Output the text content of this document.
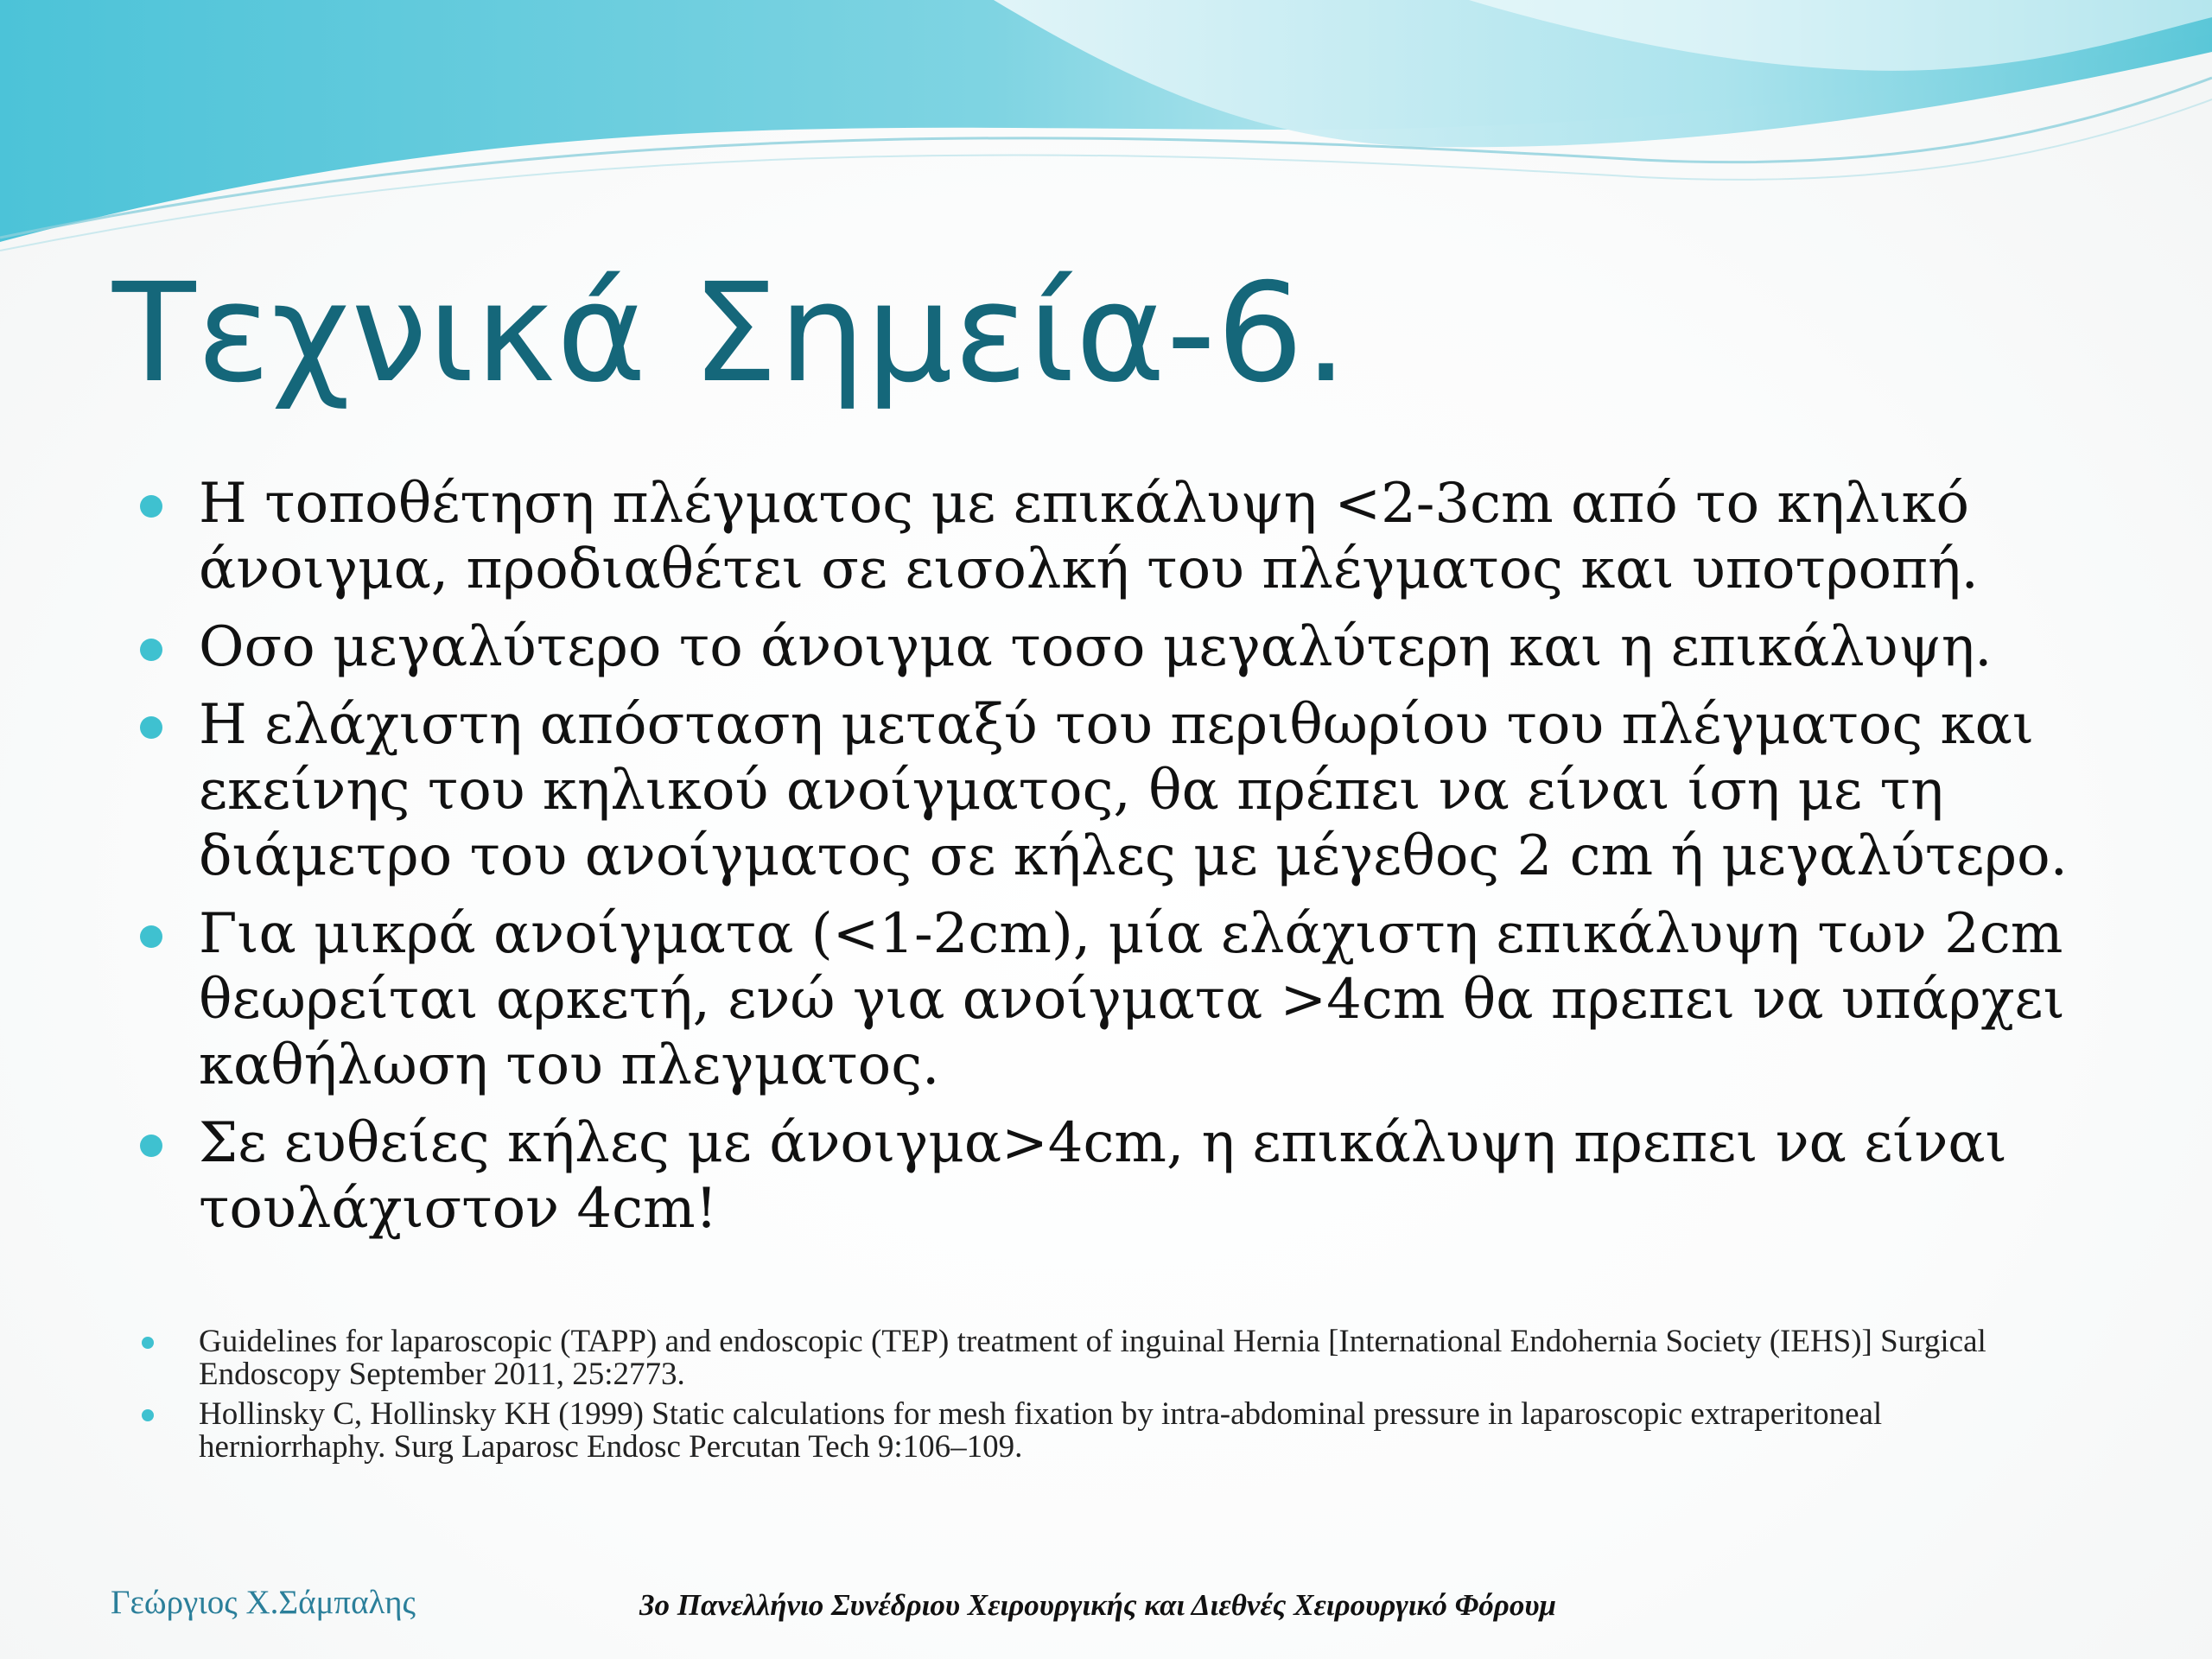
Τεχνικά Σημεία-6.
Η τοποθέτηση πλέγματος με επικάλυψη <2-3cm από το κηλικό άνοιγμα, προδιαθέτει σε εισολκή του πλέγματος και υποτροπή.
Οσο μεγαλύτερο το άνοιγμα τοσο μεγαλύτερη και η επικάλυψη.
Η ελάχιστη απόσταση μεταξύ του περιθωρίου του πλέγματος και εκείνης του κηλικού ανοίγματος, θα πρέπει να είναι ίση με τη διάμετρο του ανοίγματος σε κήλες με μέγεθος 2 cm ή μεγαλύτερο.
Για μικρά ανοίγματα (<1-2cm), μία ελάχιστη επικάλυψη των 2cm θεωρείται αρκετή, ενώ για ανοίγματα >4cm θα πρεπει να υπάρχει καθήλωση του πλεγματος.
Σε ευθείες κήλες με άνοιγμα>4cm, η επικάλυψη πρεπει να είναι τουλάχιστον 4cm!
Guidelines for laparoscopic (TAPP) and endoscopic (TEP) treatment of inguinal Hernia [International Endohernia Society (IEHS)] Surgical Endoscopy September 2011, 25:2773.
Hollinsky C, Hollinsky KH (1999) Static calculations for mesh fixation by intra-abdominal pressure in laparoscopic extraperitoneal herniorrhaphy. Surg Laparosc Endosc Percutan Tech 9:106–109.
Γεώργιος Χ.Σάμπαλης	3o Πανελλήνιο Συνέδριου Χειρουργικής και Διεθνές Χειρουργικό Φόρουμ
